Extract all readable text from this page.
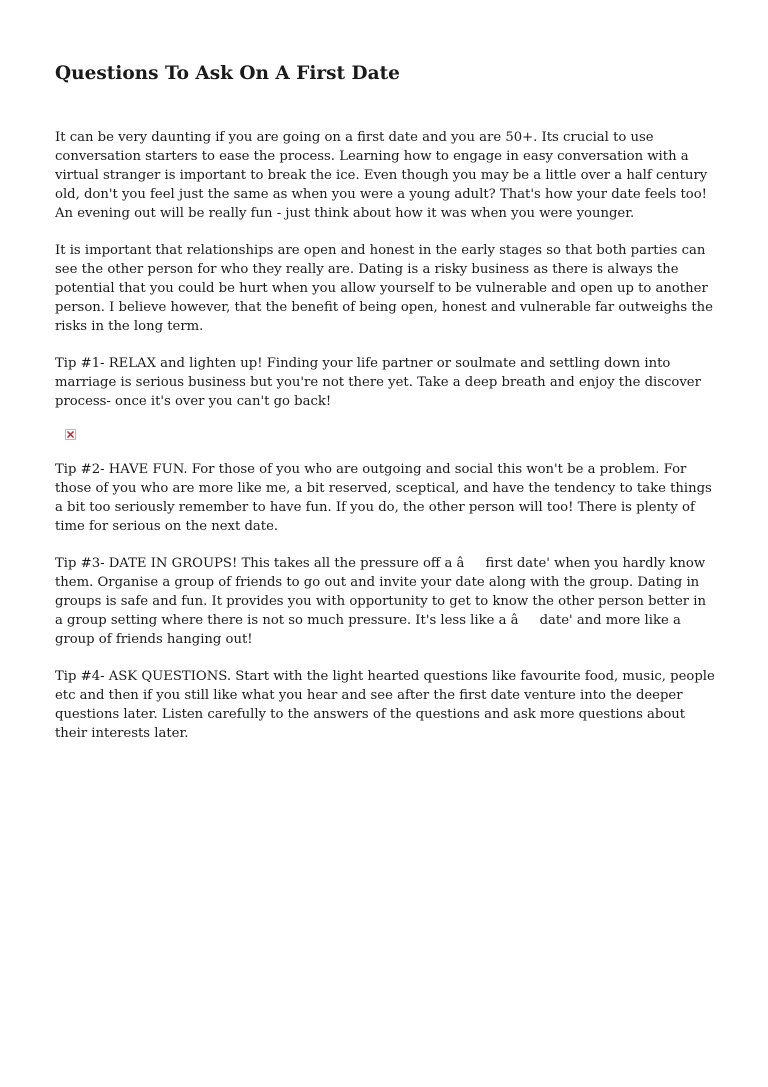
Questions To Ask On A First Date

It can be very daunting if you are going on a first date and you are 50+. Its crucial to use conversation starters to ease the process. Learning how to engage in easy conversation with a virtual stranger is important to break the ice. Even though you may be a little over a half century old, don't you feel just the same as when you were a young adult? That's how your date feels too! An evening out will be really fun - just think about how it was when you were younger.

It is important that relationships are open and honest in the early stages so that both parties can see the other person for who they really are. Dating is a risky business as there is always the potential that you could be hurt when you allow yourself to be vulnerable and open up to another person. I believe however, that the benefit of being open, honest and vulnerable far outweighs the risks in the long term.

Tip #1- RELAX and lighten up! Finding your life partner or soulmate and settling down into marriage is serious business but you're not there yet. Take a deep breath and enjoy the discover process- once it's over you can't go back!

Tip #2- HAVE FUN. For those of you who are outgoing and social this won't be a problem. For those of you who are more like me, a bit reserved, sceptical, and have the tendency to take things a bit too seriously remember to have fun. If you do, the other person will too! There is plenty of time for serious on the next date.

Tip #3- DATE IN GROUPS! This takes all the pressure off a âfirst date' when you hardly know them. Organise a group of friends to go out and invite your date along with the group. Dating in groups is safe and fun. It provides you with opportunity to get to know the other person better in a group setting where there is not so much pressure. It's less like a âdate' and more like a group of friends hanging out!

Tip #4- ASK QUESTIONS. Start with the light hearted questions like favourite food, music, people etc and then if you still like what you hear and see after the first date venture into the deeper questions later. Listen carefully to the answers of the questions and ask more questions about their interests later.
